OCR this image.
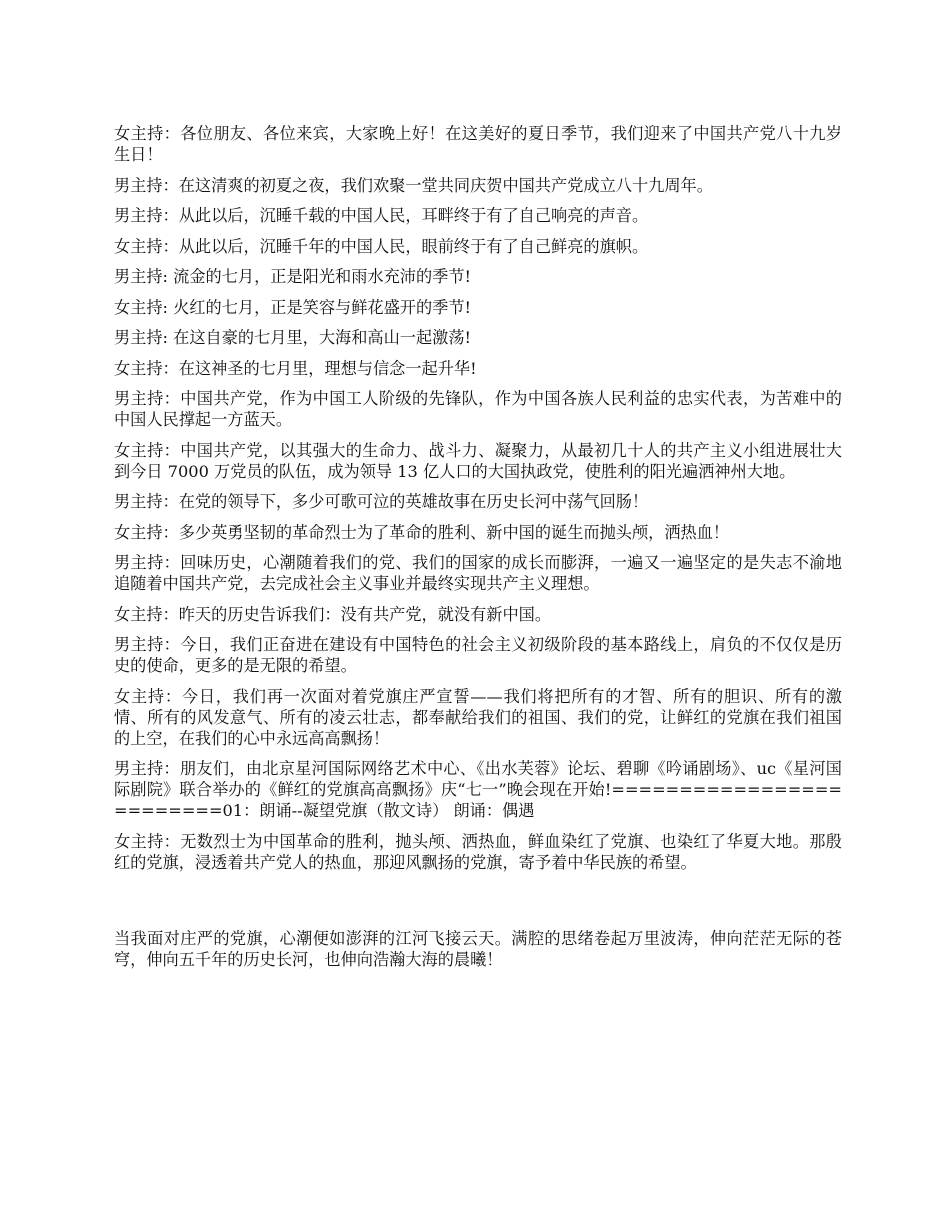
女主持：各位朋友、各位来宾，大家晚上好！在这美好的夏日季节，我们迎来了中国共产党八十九岁生日！

男主持：在这清爽的初夏之夜，我们欢聚一堂共同庆贺中国共产党成立八十九周年。

男主持：从此以后，沉睡千载的中国人民，耳畔终于有了自己响亮的声音。

女主持：从此以后，沉睡千年的中国人民，眼前终于有了自己鲜亮的旗帜。

男主持: 流金的七月，正是阳光和雨水充沛的季节!

女主持: 火红的七月，正是笑容与鲜花盛开的季节!

男主持: 在这自豪的七月里，大海和高山一起激荡!

女主持：在这神圣的七月里，理想与信念一起升华!

男主持：中国共产党，作为中国工人阶级的先锋队，作为中国各族人民利益的忠实代表，为苦难中的中国人民撑起一方蓝天。

女主持：中国共产党，以其强大的生命力、战斗力、凝聚力，从最初几十人的共产主义小组进展壮大到今日 7000 万党员的队伍，成为领导 13 亿人口的大国执政党，使胜利的阳光遍洒神州大地。

男主持：在党的领导下，多少可歌可泣的英雄故事在历史长河中荡气回肠！

女主持：多少英勇坚韧的革命烈士为了革命的胜利、新中国的诞生而抛头颅，洒热血！

男主持：回味历史，心潮随着我们的党、我们的国家的成长而膨湃，一遍又一遍坚定的是失志不渝地追随着中国共产党，去完成社会主义事业并最终实现共产主义理想。

女主持：昨天的历史告诉我们：没有共产党，就没有新中国。

男主持：今日，我们正奋进在建设有中国特色的社会主义初级阶段的基本路线上，肩负的不仅仅是历史的使命，更多的是无限的希望。

女主持：今日，我们再一次面对着党旗庄严宣誓——我们将把所有的才智、所有的胆识、所有的激情、所有的风发意气、所有的凌云壮志，都奉献给我们的祖国、我们的党，让鲜红的党旗在我们祖国的上空，在我们的心中永远高高飘扬！

男主持：朋友们，由北京星河国际网络艺术中心、《出水芙蓉》论坛、碧聊《吟诵剧场》、uc《星河国际剧院》联合举办的《鲜红的党旗高高飘扬》庆“七一”晚会现在开始!=========================01：朗诵--凝望党旗（散文诗） 朗诵：偶遇

女主持：无数烈士为中国革命的胜利，抛头颅、洒热血，鲜血染红了党旗、也染红了华夏大地。那殷红的党旗，浸透着共产党人的热血，那迎风飘扬的党旗，寄予着中华民族的希望。

当我面对庄严的党旗，心潮便如澎湃的江河飞接云天。满腔的思绪卷起万里波涛，伸向茫茫无际的苍穹，伸向五千年的历史长河，也伸向浩瀚大海的晨曦！
